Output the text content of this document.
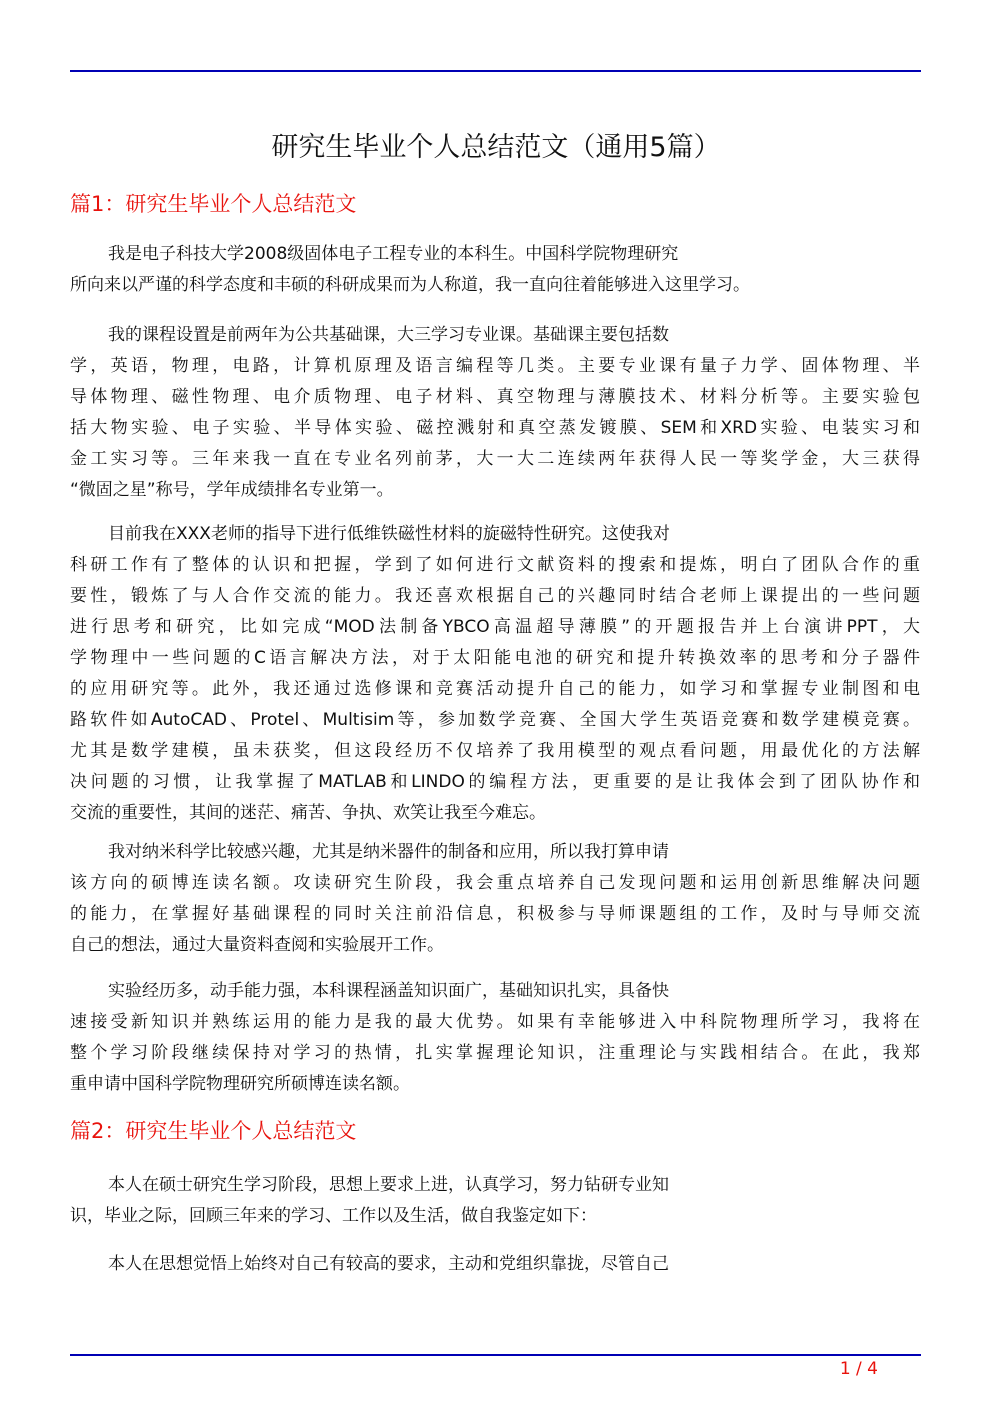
研究生毕业个人总结范文（通用5篇）
篇1：研究生毕业个人总结范文
我是电子科技大学2008级固体电子工程专业的本科生。中国科学院物理研究
所向来以严谨的科学态度和丰硕的科研成果而为人称道，我一直向往着能够进入这里学习。
我的课程设置是前两年为公共基础课，大三学习专业课。基础课主要包括数
学，英语，物理，电路，计算机原理及语言编程等几类。主要专业课有量子力学、固体物理、半
导体物理、磁性物理、电介质物理、电子材料、真空物理与薄膜技术、材料分析等。主要实验包
括大物实验、电子实验、半导体实验、磁控溅射和真空蒸发镀膜、SEM和XRD实验、电装实习和
金工实习等。三年来我一直在专业名列前茅，大一大二连续两年获得人民一等奖学金，大三获得
“微固之星”称号，学年成绩排名专业第一。
目前我在XXX老师的指导下进行低维铁磁性材料的旋磁特性研究。这使我对
科研工作有了整体的认识和把握，学到了如何进行文献资料的搜索和提炼，明白了团队合作的重
要性，锻炼了与人合作交流的能力。我还喜欢根据自己的兴趣同时结合老师上课提出的一些问题
进行思考和研究，比如完成“MOD法制备YBCO高温超导薄膜”的开题报告并上台演讲PPT，大
学物理中一些问题的C语言解决方法，对于太阳能电池的研究和提升转换效率的思考和分子器件
的应用研究等。此外，我还通过选修课和竞赛活动提升自己的能力，如学习和掌握专业制图和电
路软件如AutoCAD、Protel、Multisim等，参加数学竞赛、全国大学生英语竞赛和数学建模竞赛。
尤其是数学建模，虽未获奖，但这段经历不仅培养了我用模型的观点看问题，用最优化的方法解
决问题的习惯，让我掌握了MATLAB和LINDO的编程方法，更重要的是让我体会到了团队协作和
交流的重要性，其间的迷茫、痛苦、争执、欢笑让我至今难忘。
我对纳米科学比较感兴趣，尤其是纳米器件的制备和应用，所以我打算申请
该方向的硕博连读名额。攻读研究生阶段，我会重点培养自己发现问题和运用创新思维解决问题
的能力，在掌握好基础课程的同时关注前沿信息，积极参与导师课题组的工作，及时与导师交流
自己的想法，通过大量资料查阅和实验展开工作。
实验经历多，动手能力强，本科课程涵盖知识面广，基础知识扎实，具备快
速接受新知识并熟练运用的能力是我的最大优势。如果有幸能够进入中科院物理所学习，我将在
整个学习阶段继续保持对学习的热情，扎实掌握理论知识，注重理论与实践相结合。在此，我郑
重申请中国科学院物理研究所硕博连读名额。
篇2：研究生毕业个人总结范文
本人在硕士研究生学习阶段，思想上要求上进，认真学习，努力钻研专业知
识，毕业之际，回顾三年来的学习、工作以及生活，做自我鉴定如下：
本人在思想觉悟上始终对自己有较高的要求，主动和党组织靠拢，尽管自己
1 / 4
